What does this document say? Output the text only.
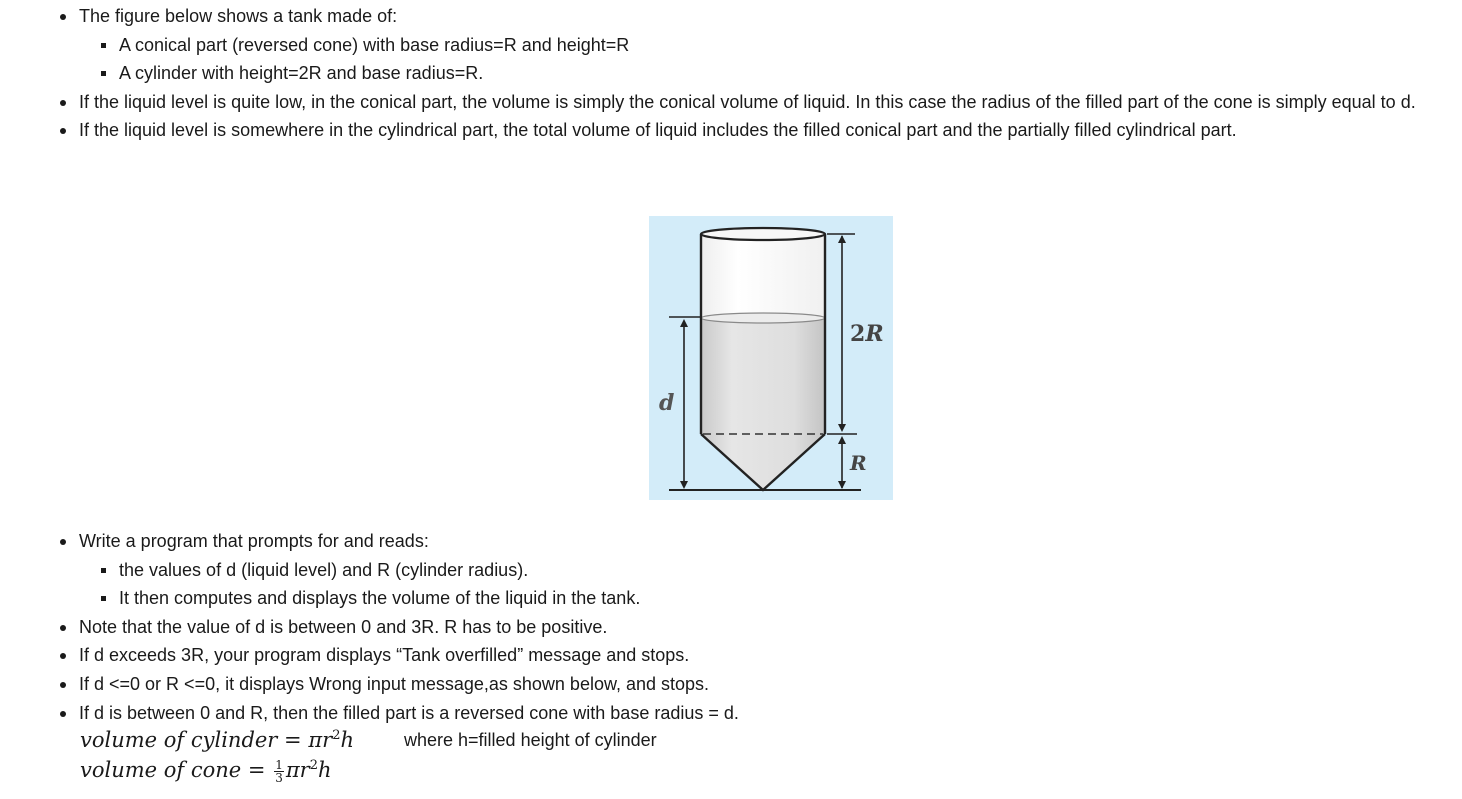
The figure below shows a tank made of:
A conical part (reversed cone) with base radius=R and height=R
A cylinder with height=2R and base radius=R.
If the liquid level is quite low, in the conical part, the volume is simply the conical volume of liquid. In this case the radius of the filled part of the cone is simply equal to d.
If the liquid level is somewhere in the cylindrical part, the total volume of liquid includes the filled conical part and the partially filled cylindrical part.
2R
R
d
Write a program that prompts for and reads:
the values of d (liquid level) and R (cylinder radius).
It then computes and displays the volume of the liquid in the tank.
Note that the value of d is between 0 and 3R. R has to be positive.
If d exceeds 3R, your program displays “Tank overfilled” message and stops.
If d <=0 or R <=0, it displays Wrong input message,as shown below, and stops.
If d is between 0 and R, then the filled part is a reversed cone with base radius = d.
volume of cylinder = $\pi r^2h$	where h=filled height of cylinder
volume of cone = $\frac{1}{3} \pi r^2h$
